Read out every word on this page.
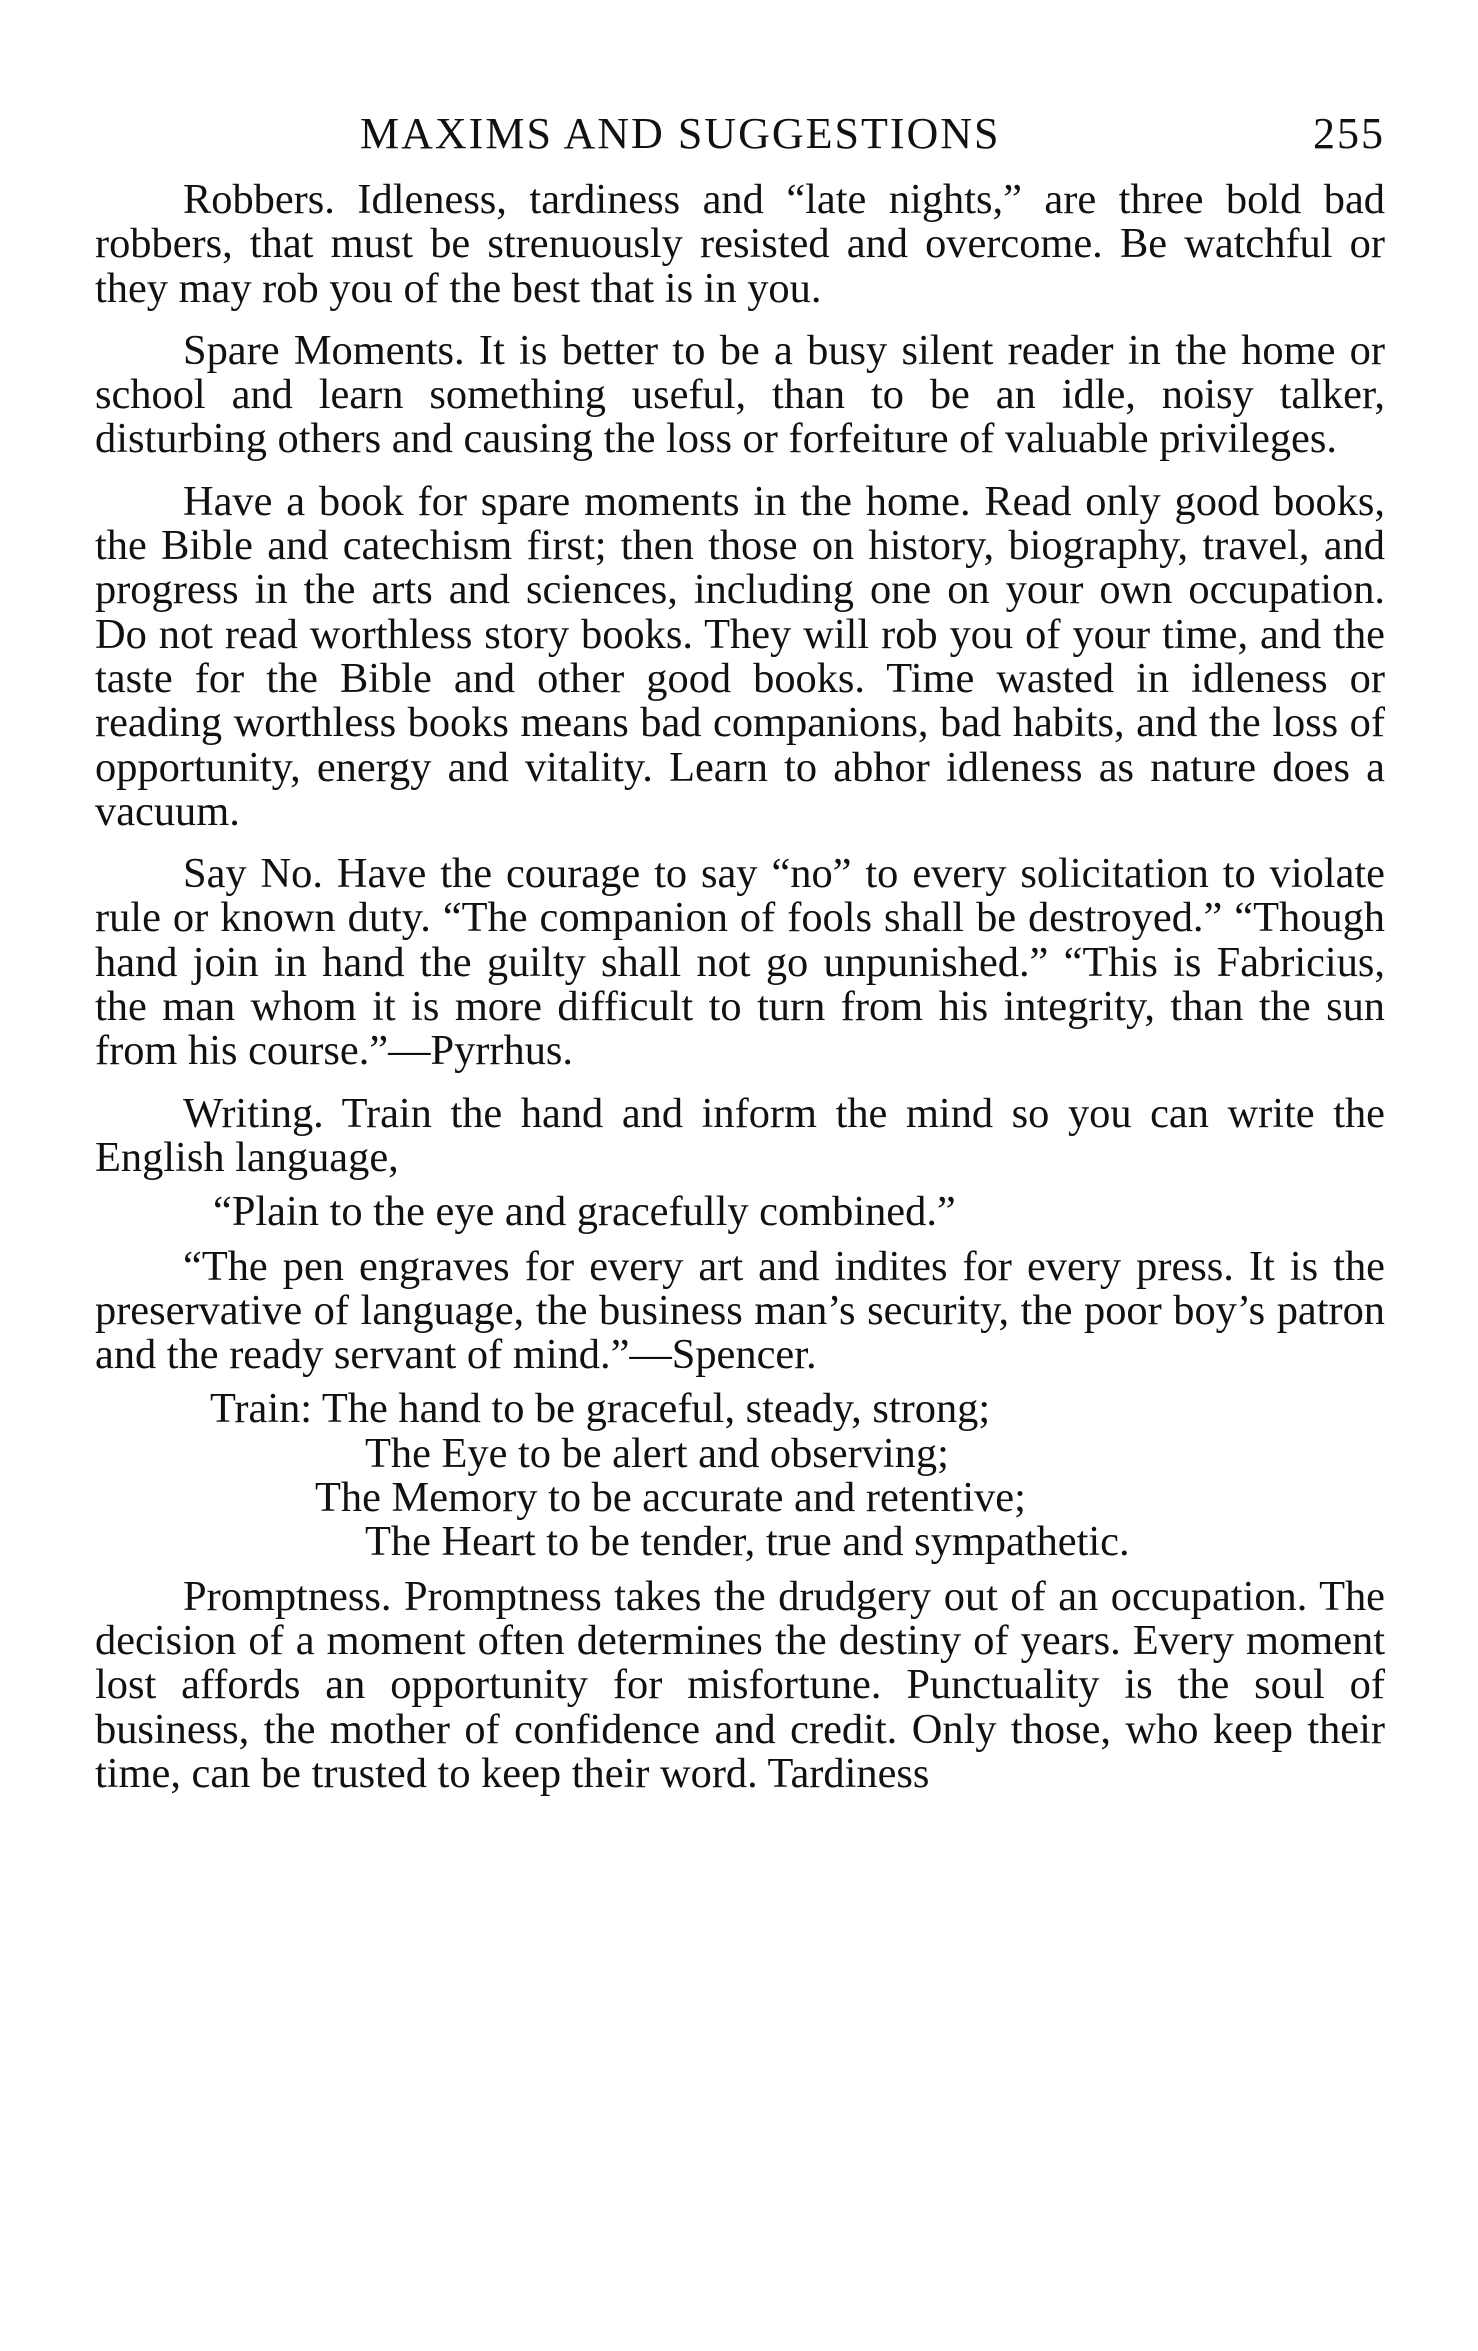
MAXIMS AND SUGGESTIONS	255

Robbers. Idleness, tardiness and “late nights,” are three bold bad robbers, that must be strenuously resisted and overcome. Be watchful or they may rob you of the best that is in you.

Spare Moments. It is better to be a busy silent reader in the home or school and learn something useful, than to be an idle, noisy talker, disturbing others and causing the loss or forfeiture of valuable privileges.

Have a book for spare moments in the home. Read only good books, the Bible and catechism first; then those on history, biography, travel, and progress in the arts and sciences, including one on your own occupation. Do not read worthless story books. They will rob you of your time, and the taste for the Bible and other good books. Time wasted in idleness or reading worthless books means bad companions, bad habits, and the loss of opportunity, energy and vitality. Learn to abhor idleness as nature does a vacuum.

Say No. Have the courage to say “no” to every solicitation to violate rule or known duty. “The companion of fools shall be destroyed.” “Though hand join in hand the guilty shall not go unpunished.” “This is Fabricius, the man whom it is more difficult to turn from his integrity, than the sun from his course.”—Pyrrhus.

Writing. Train the hand and inform the mind so you can write the English language,

“Plain to the eye and gracefully combined.”

“The pen engraves for every art and indites for every press. It is the preservative of language, the business man’s security, the poor boy’s patron and the ready servant of mind.”—Spencer.

Train: The hand to be graceful, steady, strong;
The Eye to be alert and observing;
The Memory to be accurate and retentive;
The Heart to be tender, true and sympathetic.

Promptness. Promptness takes the drudgery out of an occupation. The decision of a moment often determines the destiny of years. Every moment lost affords an opportunity for misfortune. Punctuality is the soul of business, the mother of confidence and credit. Only those, who keep their time, can be trusted to keep their word. Tardiness
